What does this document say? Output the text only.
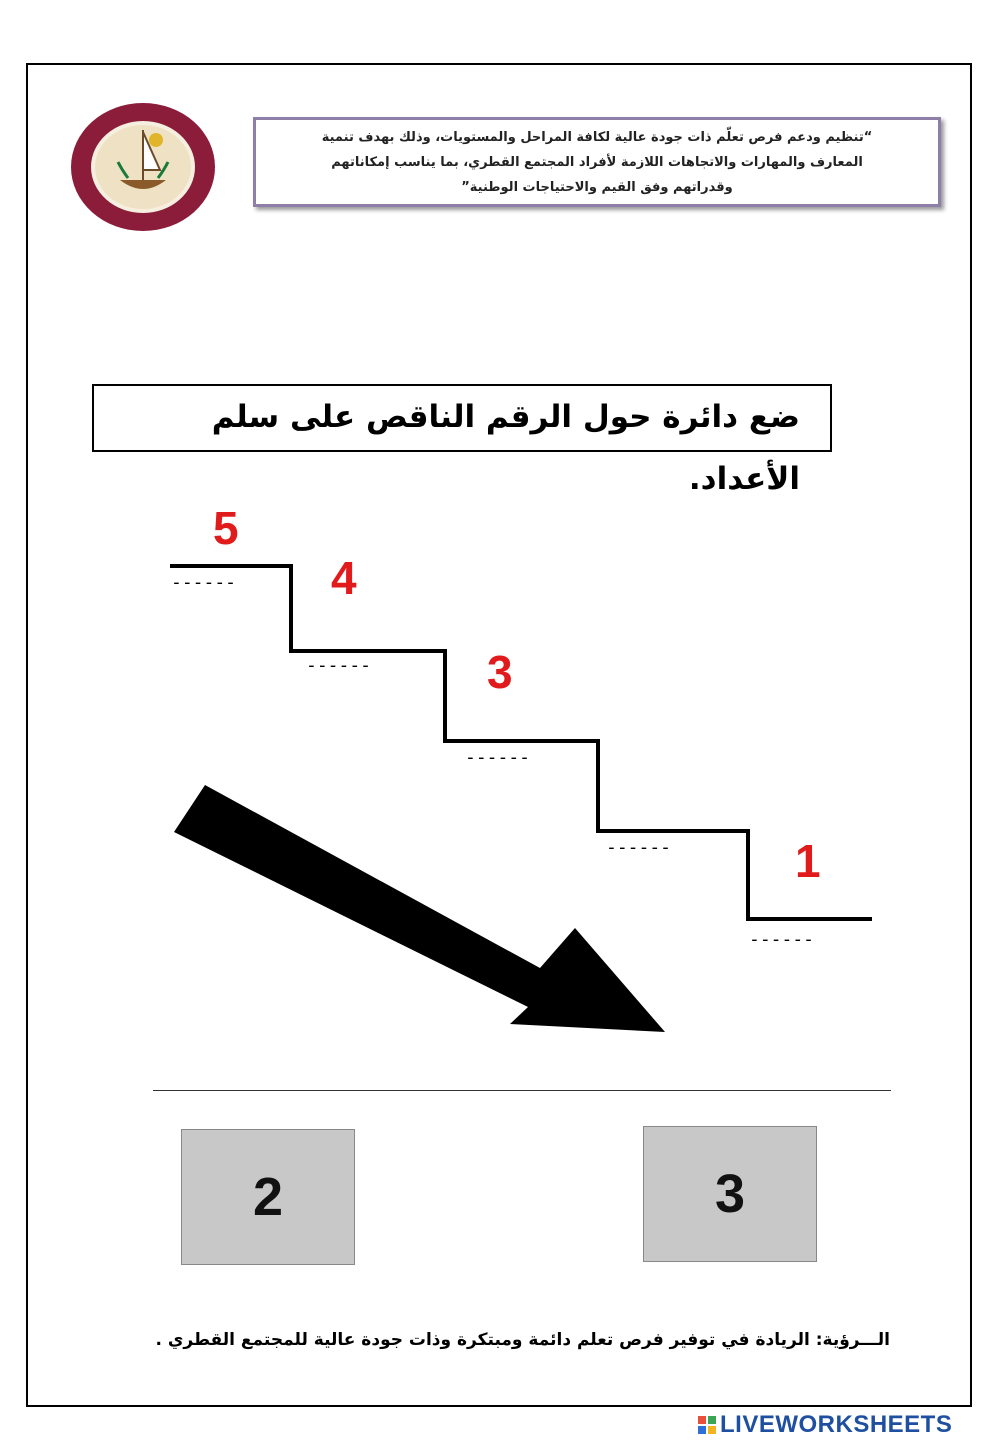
“تنظيم ودعم فرص تعلّم ذات جودة عالية لكافة المراحل والمستويات، وذلك بهدف تنمية
المعارف والمهارات والاتجاهات اللازمة لأفراد المجتمع القطري، بما يناسب إمكاناتهم
وقدراتهم وفق القيم والاحتياجات الوطنية”
ضع دائرة حول الرقم الناقص على سلم الأعداد.
------
------
------
------
------
5
4
3
1
2	3
الـــرؤية: الريادة في توفير فرص تعلم دائمة ومبتكرة وذات جودة عالية للمجتمع القطري .
LIVEWORKSHEETS
